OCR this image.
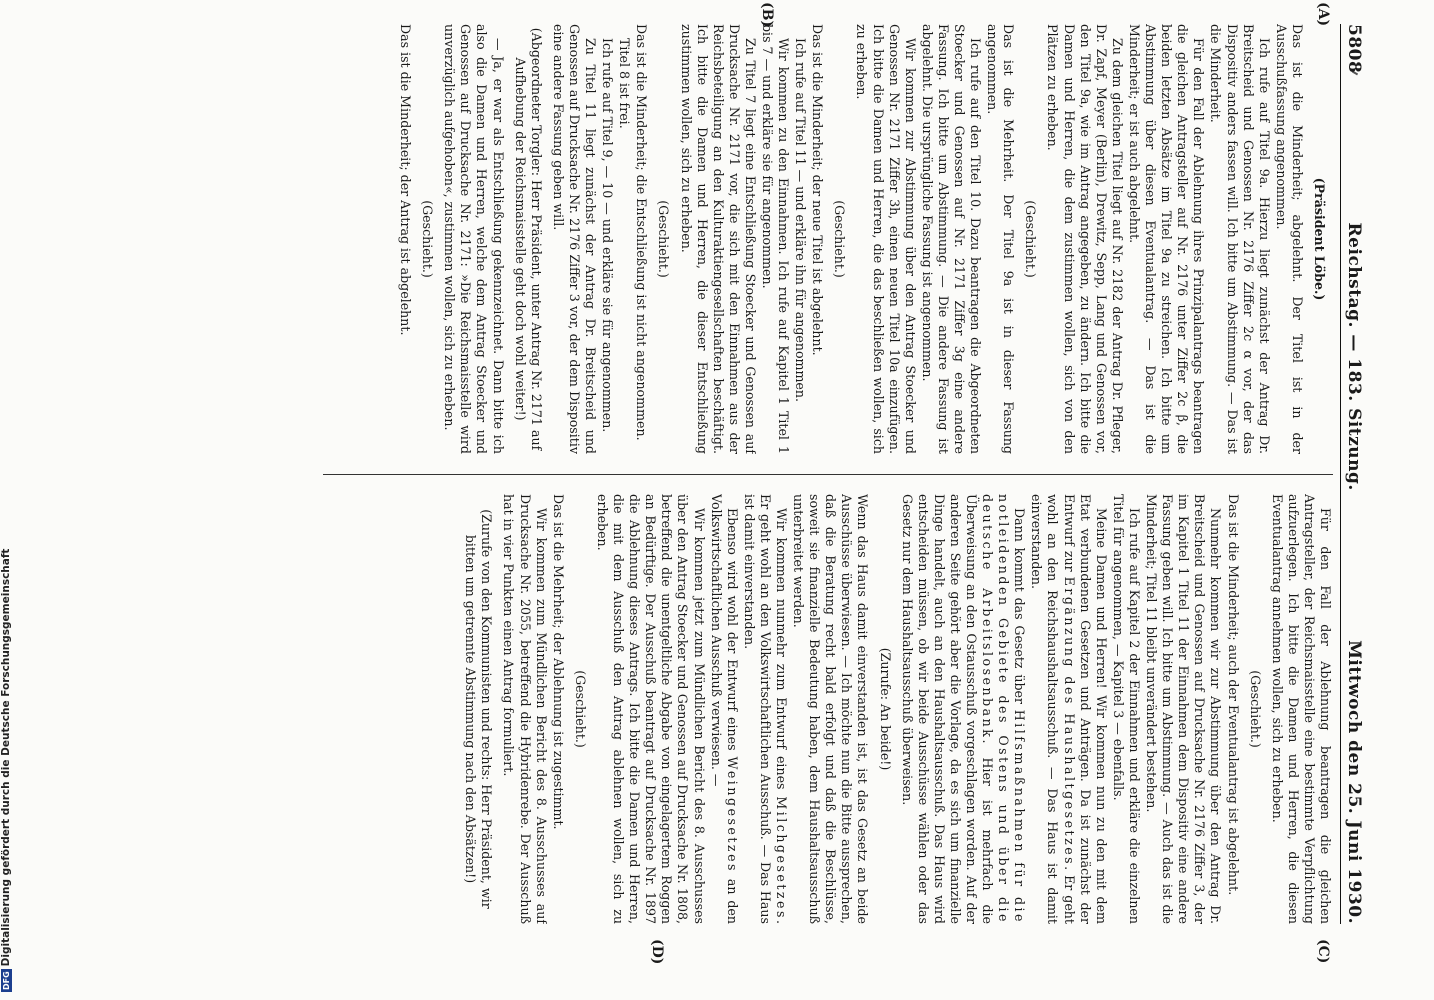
5808
Reichstag. — 183. Sitzung.
Mittwoch den 25. Juni 1930.
(A)
(B)
(C)
(D)

(Präsident Löbe.)

Das ist die Minderheit; abgelehnt. Der Titel ist in der Ausschußfassung angenommen.

Ich rufe auf Titel 9a. Hierzu liegt zunächst der Antrag Dr. Breitscheid und Genossen Nr. 2176 Ziffer 2c α vor, der das Dispositiv anders fassen will. Ich bitte um Abstimmung. — Das ist die Minderheit.

Für den Fall der Ablehnung ihres Prinzipalantrags beantragen die gleichen Antragsteller auf Nr. 2176 unter Ziffer 2c β, die beiden letzten Absätze im Titel 9a zu streichen. Ich bitte um Abstimmung über diesen Eventualantrag. — Das ist die Minderheit; er ist auch abgelehnt.

Zu dem gleichen Titel liegt auf Nr. 2182 der Antrag Dr. Pfleger, Dr. Zapf, Meyer (Berlin), Drewitz, Sepp, Lang und Genossen vor, den Titel 9a, wie im Antrag angegeben, zu ändern. Ich bitte die Damen und Herren, die dem zustimmen wollen, sich von den Plätzen zu erheben.

(Geschieht.)

Das ist die Mehrheit. Der Titel 9a ist in dieser Fassung angenommen.

Ich rufe auf den Titel 10. Dazu beantragen die Abgeordneten Stoecker und Genossen auf Nr. 2171 Ziffer 3g eine andere Fassung. Ich bitte um Abstimmung. — Die andere Fassung ist abgelehnt. Die ursprüngliche Fassung ist angenommen.

Wir kommen zur Abstimmung über den Antrag Stoecker und Genossen Nr. 2171 Ziffer 3h, einen neuen Titel 10a einzufügen. Ich bitte die Damen und Herren, die das beschließen wollen, sich zu erheben.

(Geschieht.)

Das ist die Minderheit; der neue Titel ist abgelehnt.

Ich rufe auf Titel 11 — und erkläre ihn für angenommen.

Wir kommen zu den Einnahmen. Ich rufe auf Kapitel 1 Titel 1 bis 7 — und erkläre sie für angenommen.

Zu Titel 7 liegt eine Entschließung Stoecker und Genossen auf Drucksache Nr. 2171 vor, die sich mit den Einnahmen aus der Reichsbeteiligung an den Kulturaktiengesellschaften beschäftigt. Ich bitte die Damen und Herren, die dieser Entschließung zustimmen wollen, sich zu erheben.

(Geschieht.)

Das ist die Minderheit; die Entschließung ist nicht angenommen.

Titel 8 ist frei.

Ich rufe auf Titel 9, — 10 — und erkläre sie für angenommen.

Zu Titel 11 liegt zunächst der Antrag Dr. Breitscheid und Genossen auf Drucksache Nr. 2176 Ziffer 3 vor, der dem Dispositiv eine andere Fassung geben will.

(Abgeordneter Torgler: Herr Präsident, unter Antrag Nr. 2171 auf Aufhebung der Reichsmaisstelle geht doch wohl weiter!)

— Ja, er war als Entschließung gekennzeichnet. Dann bitte ich also die Damen und Herren, welche dem Antrag Stoecker und Genossen auf Drucksache Nr. 2171: »Die Reichsmaisstelle wird unverzüglich aufgehoben«, zustimmen wollen, sich zu erheben.

(Geschieht.)

Das ist die Minderheit; der Antrag ist abgelehnt.

Für den Fall der Ablehnung beantragen die gleichen Antragsteller, der Reichsmaisstelle eine bestimmte Verpflichtung aufzuerlegen. Ich bitte die Damen und Herren, die diesen Eventualantrag annehmen wollen, sich zu erheben.

(Geschieht.)

Das ist die Minderheit; auch der Eventualantrag ist abgelehnt.

Nunmehr kommen wir zur Abstimmung über den Antrag Dr. Breitscheid und Genossen auf Drucksache Nr. 2176 Ziffer 3, der im Kapitel 1 Titel 11 der Einnahmen dem Dispositiv eine andere Fassung geben will. Ich bitte um Abstimmung. — Auch das ist die Minderheit; Titel 11 bleibt unverändert bestehen.

Ich rufe auf Kapitel 2 der Einnahmen und erkläre die einzelnen Titel für angenommen, — Kapitel 3 — ebenfalls.

Meine Damen und Herren! Wir kommen nun zu den mit dem Etat verbundenen Gesetzen und Anträgen. Da ist zunächst der Entwurf zur Ergänzung des Haushaltgesetzes. Er geht wohl an den Reichshaushaltsausschuß. — Das Haus ist damit einverstanden.

Dann kommt das Gesetz über Hilfsmaßnahmen für die notleidenden Gebiete des Ostens und über die deutsche Arbeitslosenbank. Hier ist mehrfach die Überweisung an den Ostausschuß vorgeschlagen worden. Auf der anderen Seite gehört aber die Vorlage, da es sich um finanzielle Dinge handelt, auch an den Haushaltsausschuß. Das Haus wird entscheiden müssen, ob wir beide Ausschüsse wählen oder das Gesetz nur dem Haushaltsausschuß überweisen.

(Zurufe: An beide!)

Wenn das Haus damit einverstanden ist, ist das Gesetz an beide Ausschüsse überwiesen. — Ich möchte nun die Bitte aussprechen, daß die Beratung recht bald erfolgt und daß die Beschlüsse, soweit sie finanzielle Bedeutung haben, dem Haushaltsausschuß unterbreitet werden.

Wir kommen nunmehr zum Entwurf eines Milchgesetzes. Er geht wohl an den Volkswirtschaftlichen Ausschuß. — Das Haus ist damit einverstanden.

Ebenso wird wohl der Entwurf eines Weingesetzes an den Volkswirtschaftlichen Ausschuß verwiesen. —

Wir kommen jetzt zum Mündlichen Bericht des 8. Ausschusses über den Antrag Stoecker und Genossen auf Drucksache Nr. 1808, betreffend die unentgeltliche Abgabe von eingelagertem Roggen an Bedürftige. Der Ausschuß beantragt auf Drucksache Nr. 1897 die Ablehnung dieses Antrags. Ich bitte die Damen und Herren, die mit dem Ausschuß den Antrag ablehnen wollen, sich zu erheben.

(Geschieht.)

Das ist die Mehrheit; der Ablehnung ist zugestimmt.

Wir kommen zum Mündlichen Bericht des 8. Ausschusses auf Drucksache Nr. 2055, betreffend die Hybridenrebe. Der Ausschuß hat in vier Punkten einen Antrag formuliert.

(Zurufe von den Kommunisten und rechts: Herr Präsident, wir bitten um getrennte Abstimmung nach den Absätzen!)

DFGDigitalisierung gefördert durch die Deutsche Forschungsgemeinschaft
